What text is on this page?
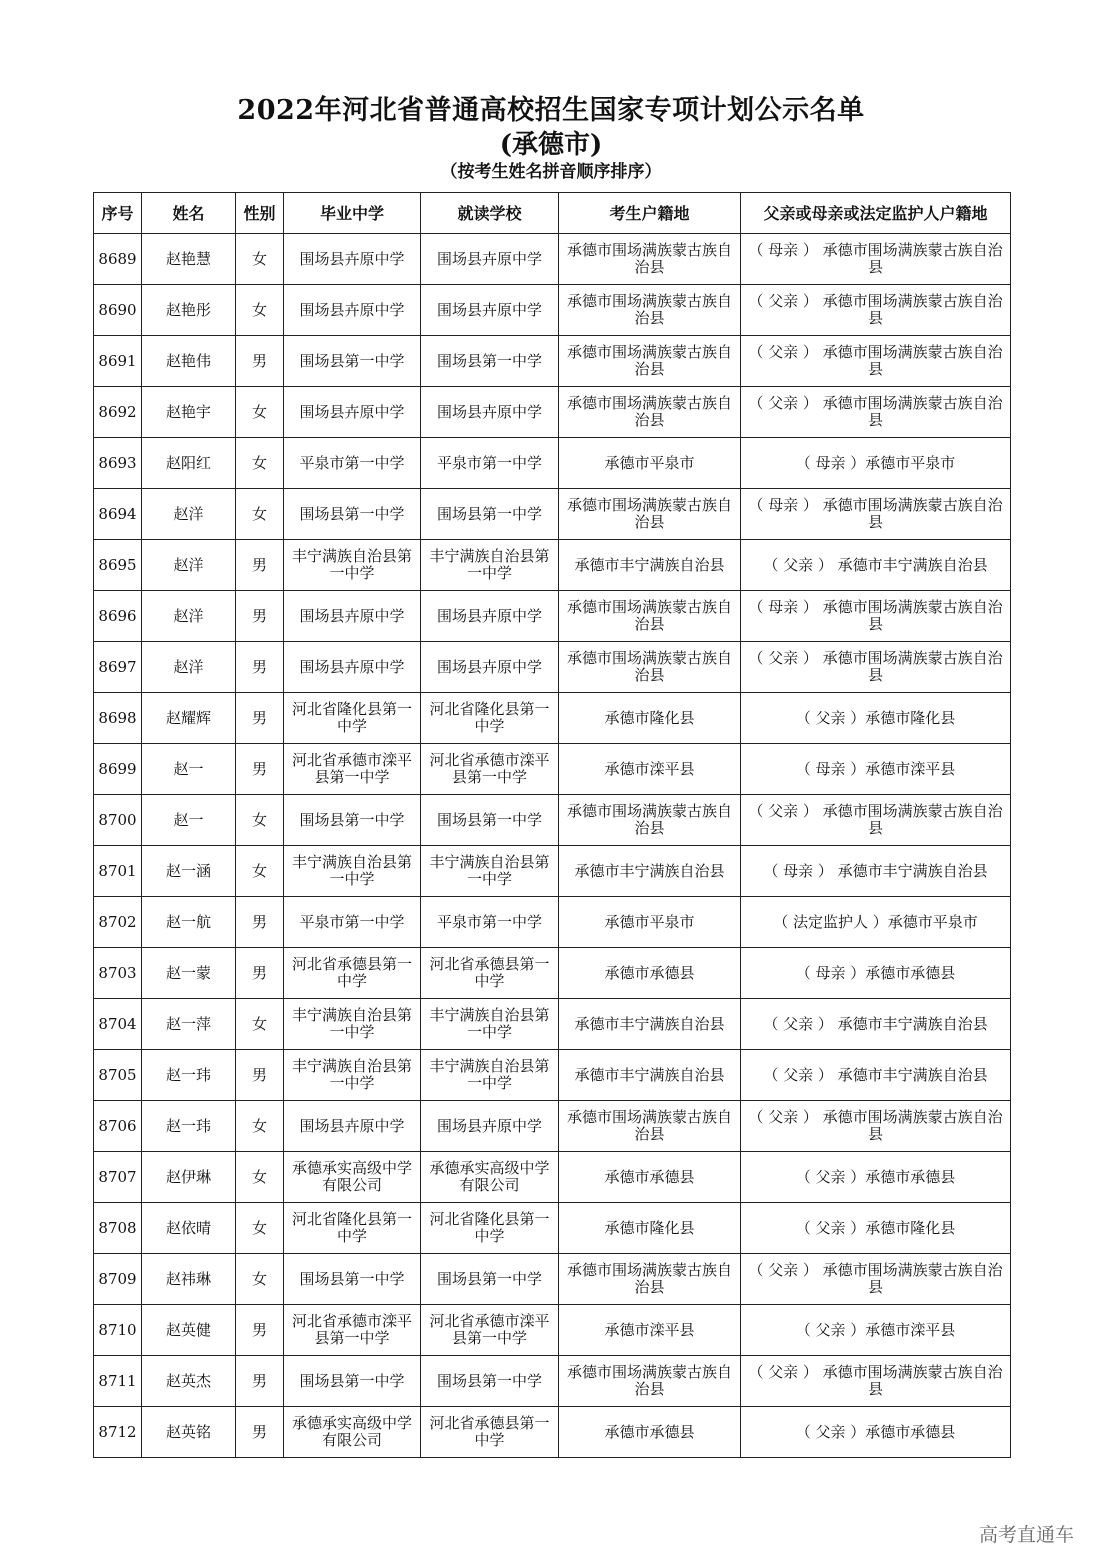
2022年河北省普通高校招生国家专项计划公示名单
(承德市)
（按考生姓名拼音顺序排序）
序号	姓名	性别	毕业中学	就读学校	考生户籍地	父亲或母亲或法定监护人户籍地
8689	赵艳慧	女	围场县卉原中学	围场县卉原中学	承德市围场满族蒙古族自治县	（ 母亲 ） 承德市围场满族蒙古族自治县
8690	赵艳彤	女	围场县卉原中学	围场县卉原中学	承德市围场满族蒙古族自治县	（ 父亲 ） 承德市围场满族蒙古族自治县
8691	赵艳伟	男	围场县第一中学	围场县第一中学	承德市围场满族蒙古族自治县	（ 父亲 ） 承德市围场满族蒙古族自治县
8692	赵艳宇	女	围场县卉原中学	围场县卉原中学	承德市围场满族蒙古族自治县	（ 父亲 ） 承德市围场满族蒙古族自治县
8693	赵阳红	女	平泉市第一中学	平泉市第一中学	承德市平泉市	（ 母亲 ）承德市平泉市
8694	赵洋	女	围场县第一中学	围场县第一中学	承德市围场满族蒙古族自治县	（ 母亲 ） 承德市围场满族蒙古族自治县
8695	赵洋	男	丰宁满族自治县第一中学	丰宁满族自治县第一中学	承德市丰宁满族自治县	（ 父亲 ） 承德市丰宁满族自治县
8696	赵洋	男	围场县卉原中学	围场县卉原中学	承德市围场满族蒙古族自治县	（ 母亲 ） 承德市围场满族蒙古族自治县
8697	赵洋	男	围场县卉原中学	围场县卉原中学	承德市围场满族蒙古族自治县	（ 父亲 ） 承德市围场满族蒙古族自治县
8698	赵耀辉	男	河北省隆化县第一中学	河北省隆化县第一中学	承德市隆化县	（ 父亲 ）承德市隆化县
8699	赵一	男	河北省承德市滦平县第一中学	河北省承德市滦平县第一中学	承德市滦平县	（ 母亲 ）承德市滦平县
8700	赵一	女	围场县第一中学	围场县第一中学	承德市围场满族蒙古族自治县	（ 父亲 ） 承德市围场满族蒙古族自治县
8701	赵一涵	女	丰宁满族自治县第一中学	丰宁满族自治县第一中学	承德市丰宁满族自治县	（ 母亲 ） 承德市丰宁满族自治县
8702	赵一航	男	平泉市第一中学	平泉市第一中学	承德市平泉市	（ 法定监护人 ）承德市平泉市
8703	赵一蒙	男	河北省承德县第一中学	河北省承德县第一中学	承德市承德县	（ 母亲 ）承德市承德县
8704	赵一萍	女	丰宁满族自治县第一中学	丰宁满族自治县第一中学	承德市丰宁满族自治县	（ 父亲 ） 承德市丰宁满族自治县
8705	赵一玮	男	丰宁满族自治县第一中学	丰宁满族自治县第一中学	承德市丰宁满族自治县	（ 父亲 ） 承德市丰宁满族自治县
8706	赵一玮	女	围场县卉原中学	围场县卉原中学	承德市围场满族蒙古族自治县	（ 父亲 ） 承德市围场满族蒙古族自治县
8707	赵伊琳	女	承德承实高级中学有限公司	承德承实高级中学有限公司	承德市承德县	（ 父亲 ）承德市承德县
8708	赵依晴	女	河北省隆化县第一中学	河北省隆化县第一中学	承德市隆化县	（ 父亲 ）承德市隆化县
8709	赵祎琳	女	围场县第一中学	围场县第一中学	承德市围场满族蒙古族自治县	（ 父亲 ） 承德市围场满族蒙古族自治县
8710	赵英健	男	河北省承德市滦平县第一中学	河北省承德市滦平县第一中学	承德市滦平县	（ 父亲 ）承德市滦平县
8711	赵英杰	男	围场县第一中学	围场县第一中学	承德市围场满族蒙古族自治县	（ 父亲 ） 承德市围场满族蒙古族自治县
8712	赵英铭	男	承德承实高级中学有限公司	河北省承德县第一中学	承德市承德县	（ 父亲 ）承德市承德县
高考直通车
